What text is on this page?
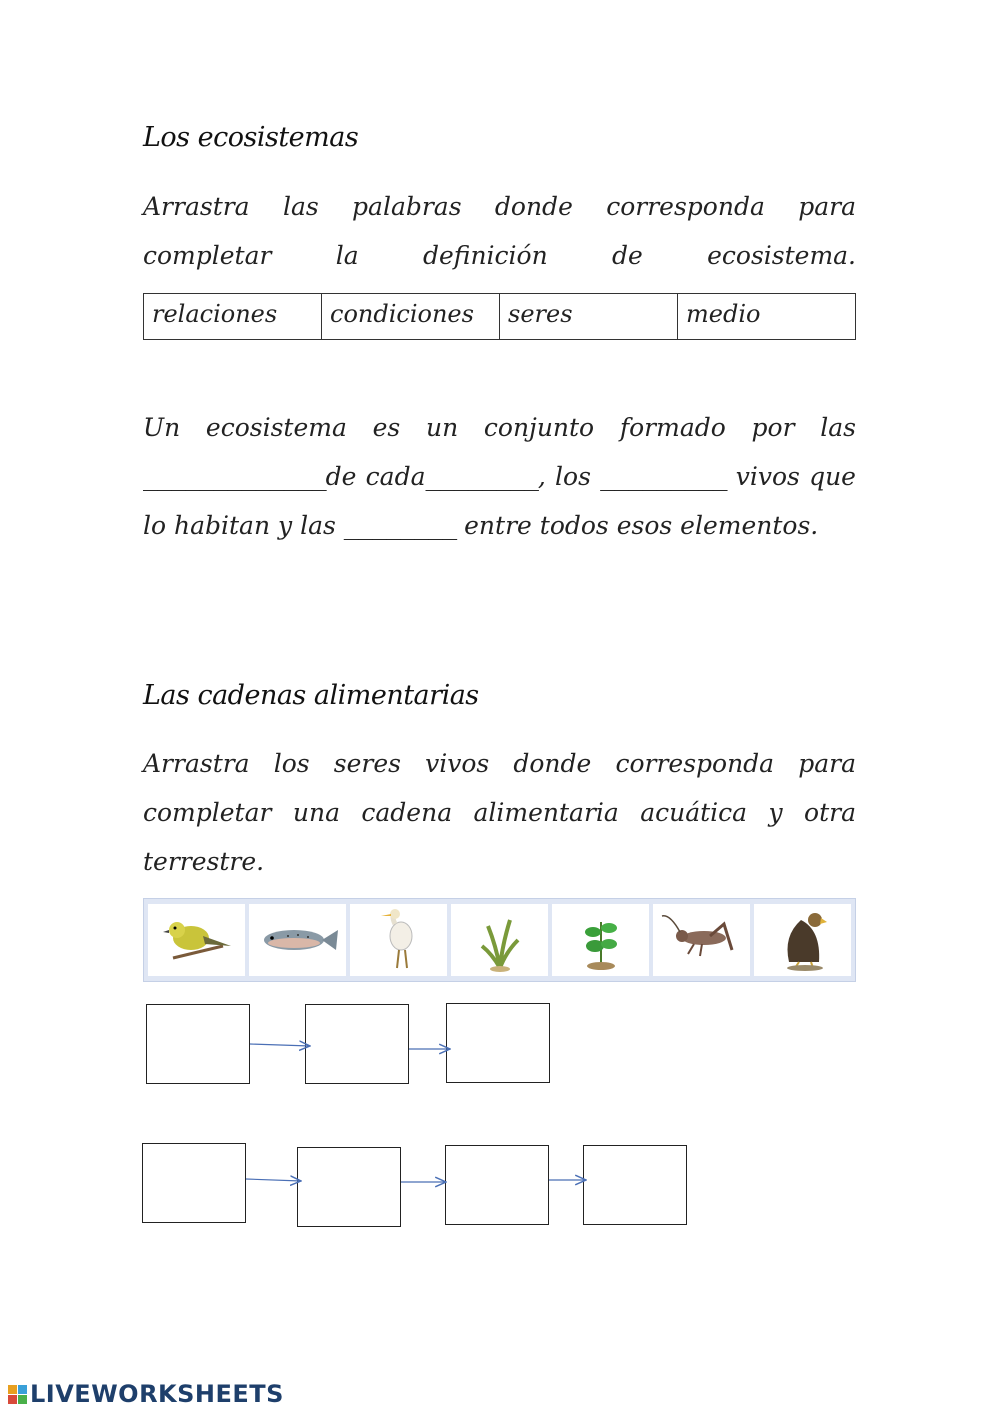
Los ecosistemas
Arrastra las palabras donde corresponda para completar la definición de ecosistema.
relaciones	condiciones	seres	medio
Un ecosistema es un conjunto formado por las _____________de cada________, los _________ vivos que lo habitan y las ________ entre todos esos elementos.
Las cadenas alimentarias
Arrastra los seres vivos donde corresponda para completar una cadena alimentaria acuática y otra terrestre.
LIVEWORKSHEETS
